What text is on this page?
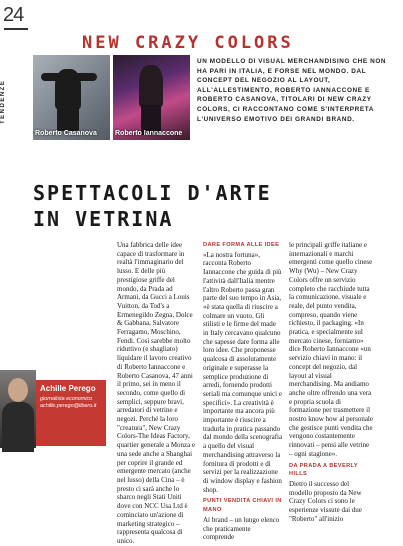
24
TENDENZE
NEW CRAZY COLORS
Roberto Casanova	Roberto Iannaccone
UN MODELLO DI VISUAL MERCHANDISING CHE NON HA PARI IN ITALIA, E FORSE NEL MONDO. DAL CONCEPT DEL NEGOZIO AL LAYOUT, ALL'ALLESTIMENTO, ROBERTO IANNACCONE E ROBERTO CASANOVA, TITOLARI DI NEW CRAZY COLORS, CI RACCONTANO COME S'INTERPRETA L'UNIVERSO EMOTIVO DEI GRANDI BRAND.
SPETTACOLI D'ARTE
IN VETRINA

Una fabbrica delle idee capace di trasformare in realtà l'immaginario del lusso. E delle più prestigiose griffe del mondo, da Prada ad Armani, da Gucci a Louis Vuitton, da Tod's a Ermenegildo Zegna, Dolce & Gabbana, Salvatore Ferragamo, Moschino, Fendi. Così sarebbe molto riduttivo (e sbagliato) liquidare il lavoro creativo di Roberto Iannaccone e Roberto Casanova, 47 anni il primo, sei in meno il secondo, come quello di semplici, seppure bravi, arredatori di vetrine e negozi. Perché la loro "creatura", New Crazy Colors-The Ideas Factory, quartier generale a Monza e una sede anche a Shanghai per coprire il grande ed emergente mercato (anche nel lusso) della Cina – è presto ci sarà anche lo sbarco negli Stati Uniti dove con NCC Usa Ltd è cominciato un'azione di marketing strategico – rappresenta qualcosa di unico.

DARE FORMA ALLE IDEE

«La nostra fortuna», racconta Roberto Iannaccone che guida di più l'attività dall'Italia mentre l'altro Roberto passa gran parte del suo tempo in Asia, «è stata quella di riuscire a colmare un vuoto. Gli stilisti e le firme del made in Italy cercavano qualcuno che sapesse dare forma alle loro idee. Che proponesse qualcosa di assolutamente originale e superasse la semplice produzione di arredi, fornendo prodotti seriali ma comunque unici e specifici». La creatività è importante ma ancora più importante è riuscire a tradurla in pratica passando dal mondo della scenografia a quello del visual merchandising attraverso la fornitura di prodotti e di servizi per la realizzazione di window display e fashion shop.

PUNTI VENDITA CHIAVI IN MANO

Ai brand – un lungo elenco che praticamente comprende

le principali griffe italiane e internazionali e marchi emergenti come quello cinese Why (Wu) – New Crazy Colors offre un servizio completo che racchiude tutta la comunicazione, visuale e reale, del punto vendita, compreso, quando viene richiesto, il packaging. «In pratica, e specialmente sul mercato cinese, forniamo» dice Roberto Iannaccone «un servizio chiavi in mano: il concept del negozio, dal layout al visual merchandising. Ma andiamo anche oltre offrendo una vera e propria scuola di formazione per trasmettere il nostro know how al personale che gestisce punti vendita che vengono costantemente rinnovati – pensi alle vetrine – ogni stagione».

DA PRADA A BEVERLY HILLS

Dietro il successo del modello proposto da New Crazy Colors ci sono le esperienze vissute dai due "Roberto" all'inizio

Achille Perego
giornalista economico
achille.perego@libero.it
